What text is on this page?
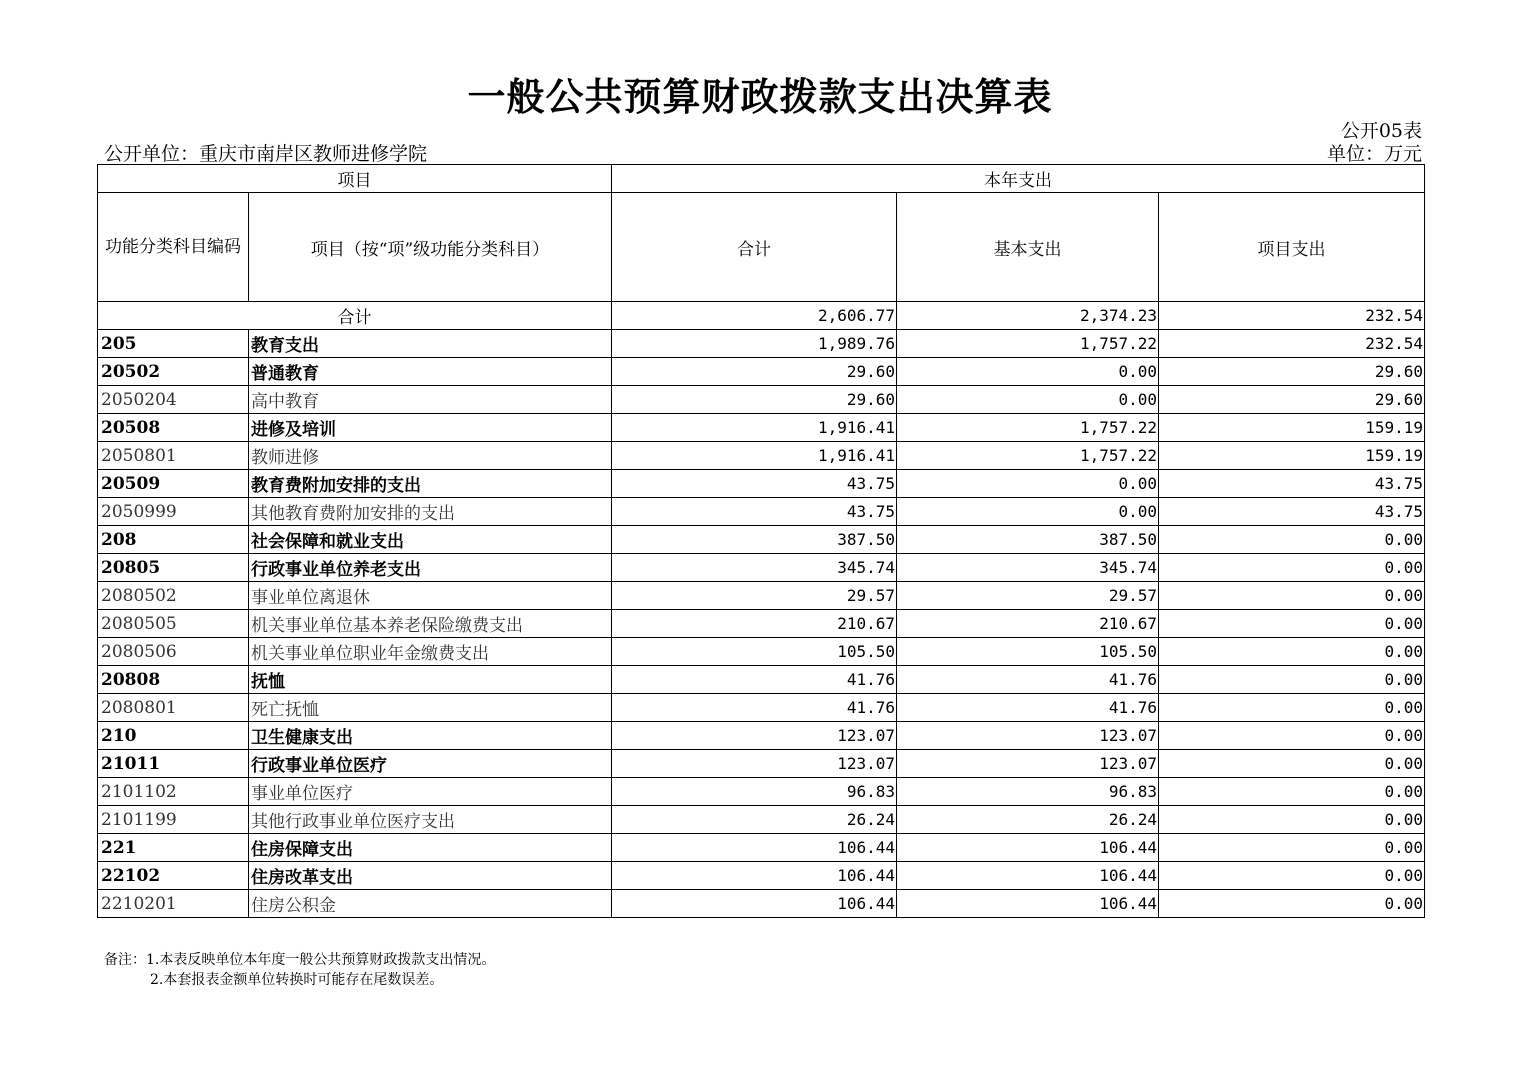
一般公共预算财政拨款支出决算表
公开05表
公开单位：重庆市南岸区教师进修学院	单位：万元
项目		本年支出		
功能分类科目编码	项目（按“项”级功能分类科目）	合计	基本支出	项目支出
合计		2,606.77	2,374.23	232.54
205	教育支出	1,989.76	1,757.22	232.54
20502	普通教育	29.60	0.00	29.60
2050204	高中教育	29.60	0.00	29.60
20508	进修及培训	1,916.41	1,757.22	159.19
2050801	教师进修	1,916.41	1,757.22	159.19
20509	教育费附加安排的支出	43.75	0.00	43.75
2050999	其他教育费附加安排的支出	43.75	0.00	43.75
208	社会保障和就业支出	387.50	387.50	0.00
20805	行政事业单位养老支出	345.74	345.74	0.00
2080502	事业单位离退休	29.57	29.57	0.00
2080505	机关事业单位基本养老保险缴费支出	210.67	210.67	0.00
2080506	机关事业单位职业年金缴费支出	105.50	105.50	0.00
20808	抚恤	41.76	41.76	0.00
2080801	死亡抚恤	41.76	41.76	0.00
210	卫生健康支出	123.07	123.07	0.00
21011	行政事业单位医疗	123.07	123.07	0.00
2101102	事业单位医疗	96.83	96.83	0.00
2101199	其他行政事业单位医疗支出	26.24	26.24	0.00
221	住房保障支出	106.44	106.44	0.00
22102	住房改革支出	106.44	106.44	0.00
2210201	住房公积金	106.44	106.44	0.00
备注：1.本表反映单位本年度一般公共预算财政拨款支出情况。
2.本套报表金额单位转换时可能存在尾数误差。
